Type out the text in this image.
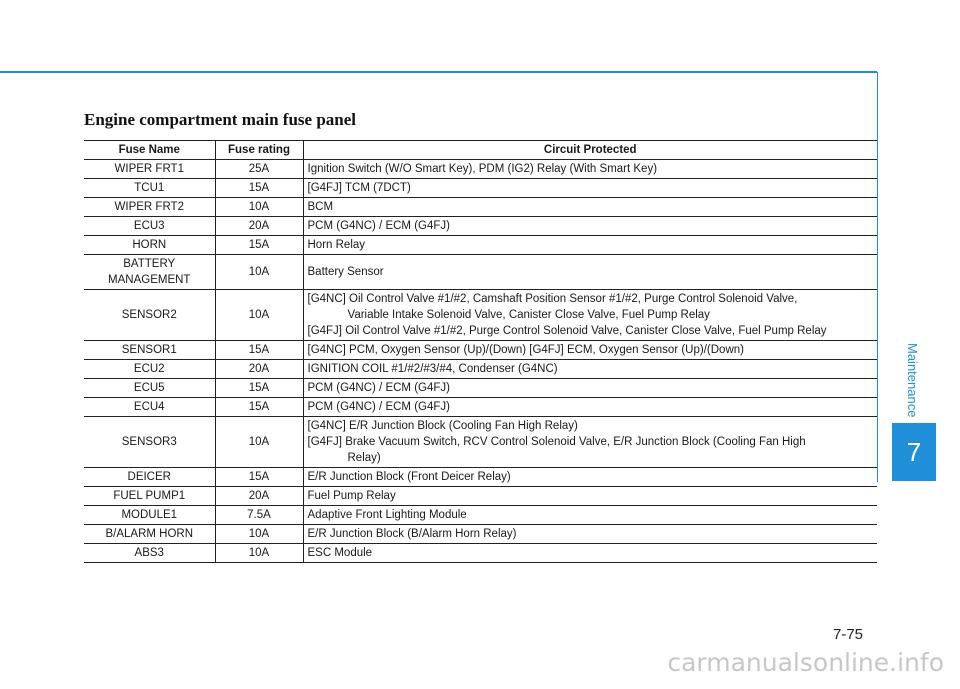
Engine compartment main fuse panel
Fuse Name	Fuse rating	Circuit Protected

WIPER FRT1	25A	Ignition Switch (W/O Smart Key), PDM (IG2) Relay (With Smart Key)

TCU1	15A	[G4FJ] TCM (7DCT)

WIPER FRT2	10A	BCM

ECU3	20A	PCM (G4NC) / ECM (G4FJ)

HORN	15A	Horn Relay

BATTERY
MANAGEMENT	10A	Battery Sensor

SENSOR2	10A	[G4NC] Oil Control Valve #1/#2, Camshaft Position Sensor #1/#2, Purge Control Solenoid Valve,
Variable Intake Solenoid Valve, Canister Close Valve, Fuel Pump Relay
[G4FJ] Oil Control Valve #1/#2, Purge Control Solenoid Valve, Canister Close Valve, Fuel Pump Relay

SENSOR1	15A	[G4NC] PCM, Oxygen Sensor (Up)/(Down) [G4FJ] ECM, Oxygen Sensor (Up)/(Down)

ECU2	20A	IGNITION COIL #1/#2/#3/#4, Condenser (G4NC)

ECU5	15A	PCM (G4NC) / ECM (G4FJ)

ECU4	15A	PCM (G4NC) / ECM (G4FJ)

SENSOR3	10A	[G4NC] E/R Junction Block (Cooling Fan High Relay)
[G4FJ] Brake Vacuum Switch, RCV Control Solenoid Valve, E/R Junction Block (Cooling Fan High
Relay)

DEICER	15A	E/R Junction Block (Front Deicer Relay)

FUEL PUMP1	20A	Fuel Pump Relay

MODULE1	7.5A	Adaptive Front Lighting Module

B/ALARM HORN	10A	E/R Junction Block (B/Alarm Horn Relay)

ABS3	10A	ESC Module
Maintenance
7
7-75
carmanualsonline.info
